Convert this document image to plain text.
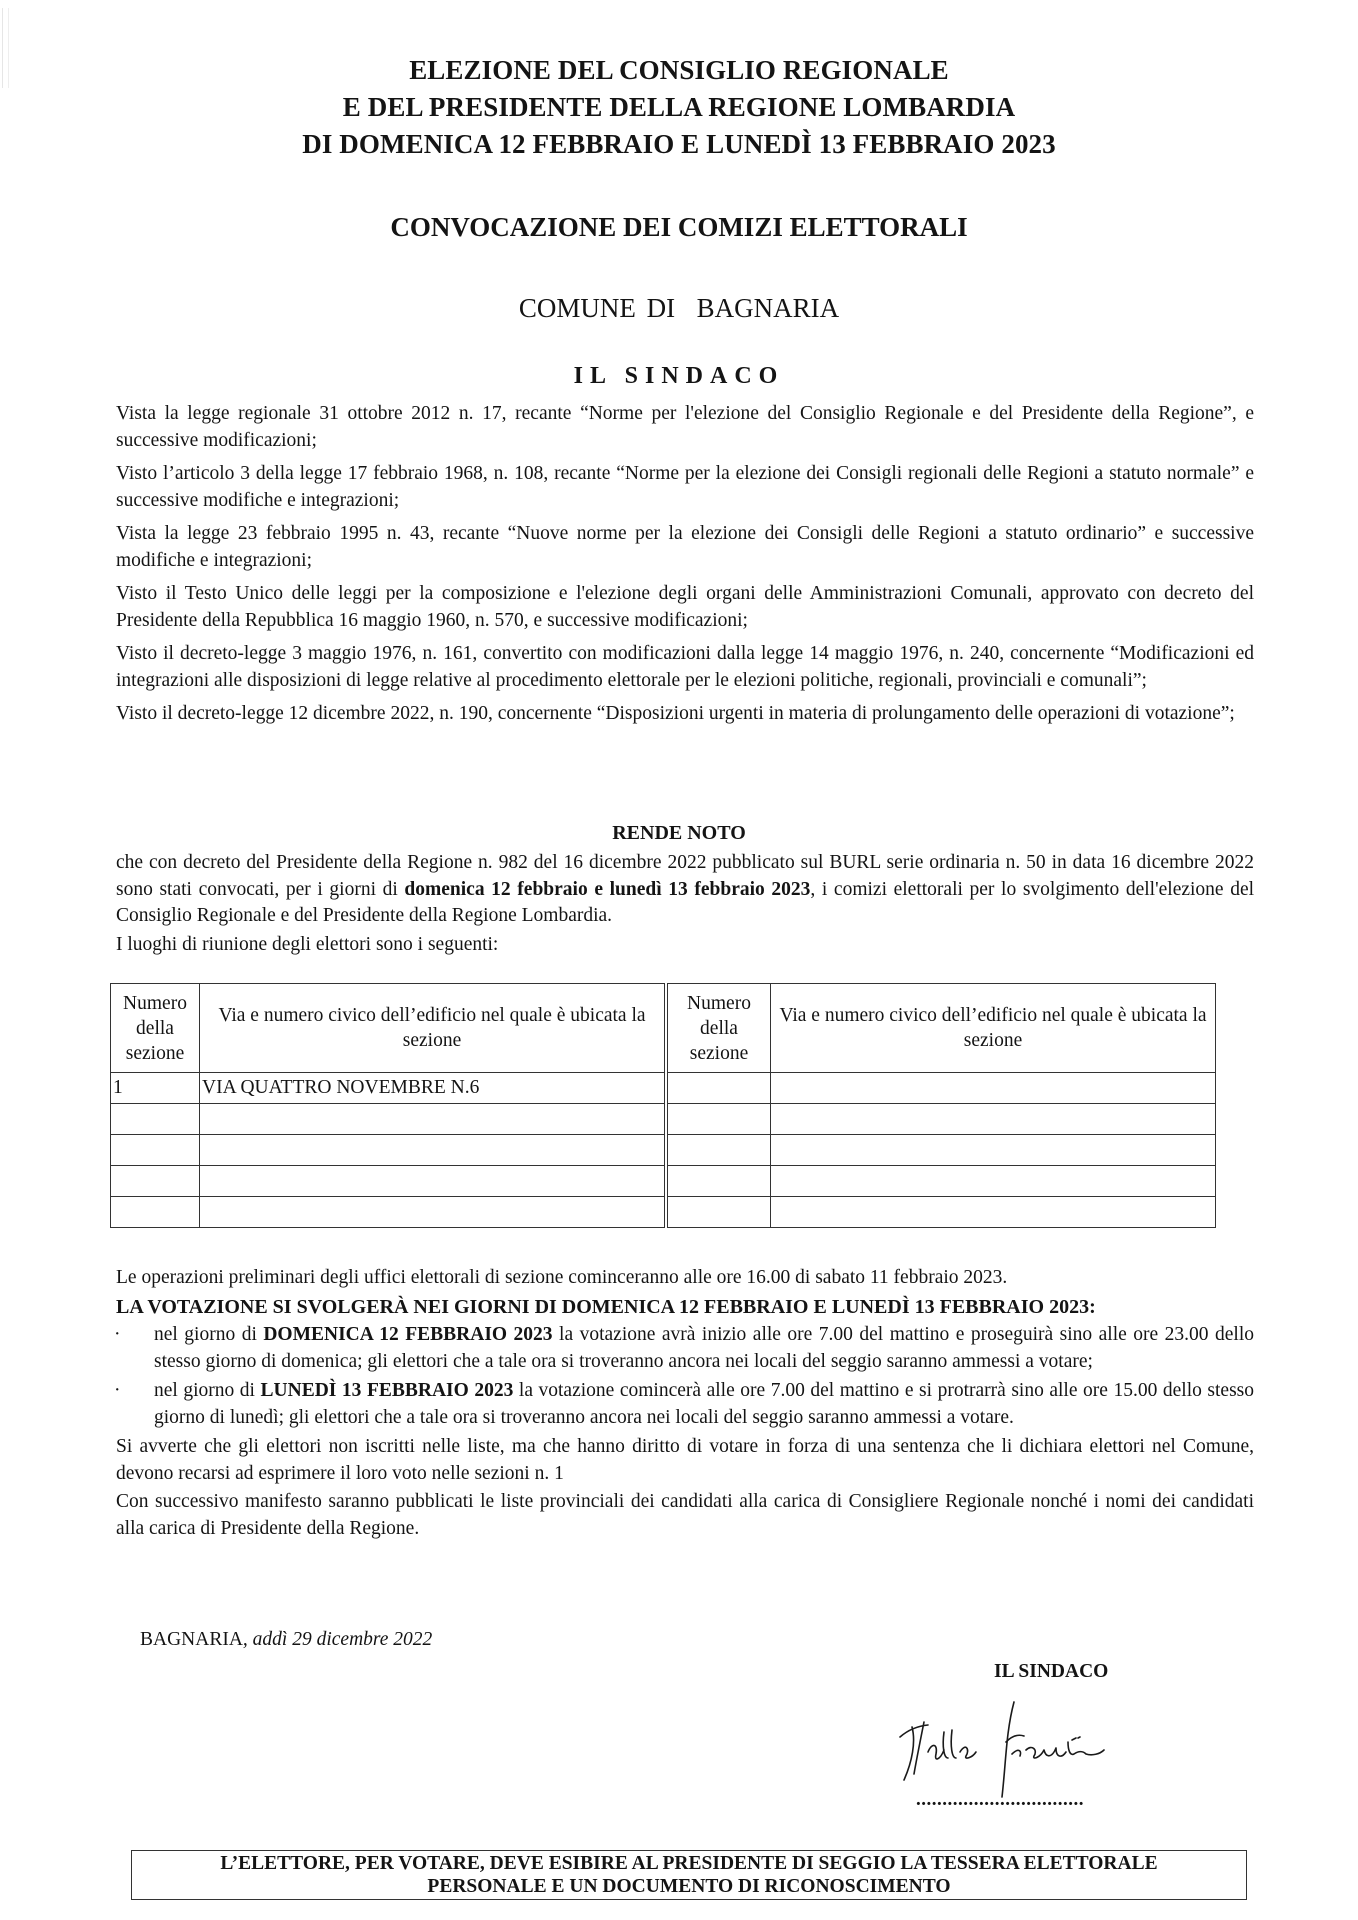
ELEZIONE DEL CONSIGLIO REGIONALE
E DEL PRESIDENTE DELLA REGIONE LOMBARDIA
DI DOMENICA 12 FEBBRAIO E LUNEDÌ 13 FEBBRAIO 2023
CONVOCAZIONE DEI COMIZI ELETTORALI
COMUNE DI  BAGNARIA
IL SINDACO

Vista la legge regionale 31 ottobre 2012 n. 17, recante “Norme per l'elezione del Consiglio Regionale e del Presidente della Regione”, e successive modificazioni;

Visto l’articolo 3 della legge 17 febbraio 1968, n. 108, recante “Norme per la elezione dei Consigli regionali delle Regioni a statuto normale” e successive modifiche e integrazioni;

Vista la legge 23 febbraio 1995 n. 43, recante “Nuove norme per la elezione dei Consigli delle Regioni a statuto ordinario” e successive modifiche e integrazioni;

Visto il Testo Unico delle leggi per la composizione e l'elezione degli organi delle Amministrazioni Comunali, approvato con decreto del Presidente della Repubblica 16 maggio 1960, n. 570, e successive modificazioni;

Visto il decreto-legge 3 maggio 1976, n. 161, convertito con modificazioni dalla legge 14 maggio 1976, n. 240, concernente “Modificazioni ed integrazioni alle disposizioni di legge relative al procedimento elettorale per le elezioni politiche, regionali, provinciali e comunali”;

Visto il decreto-legge 12 dicembre 2022, n. 190, concernente “Disposizioni urgenti in materia di prolungamento delle operazioni di votazione”;

RENDE NOTO

che con decreto del Presidente della Regione n. 982 del 16 dicembre 2022 pubblicato sul BURL serie ordinaria n. 50 in data 16 dicembre 2022 sono stati convocati, per i giorni di domenica 12 febbraio e lunedì 13 febbraio 2023, i comizi elettorali per lo svolgimento dell'elezione del Consiglio Regionale e del Presidente della Regione Lombardia.

I luoghi di riunione degli elettori sono i seguenti:

Numero della sezione	Via e numero civico dell’edificio nel quale è ubicata la sezione	Numero della sezione	Via e numero civico dell’edificio nel quale è ubicata la sezione
1	VIA QUATTRO NOVEMBRE N.6		

Le operazioni preliminari degli uffici elettorali di sezione cominceranno alle ore 16.00 di sabato 11 febbraio 2023.

LA VOTAZIONE SI SVOLGERÀ NEI GIORNI DI DOMENICA 12 FEBBRAIO E LUNEDÌ 13 FEBBRAIO 2023:
· nel giorno di DOMENICA 12 FEBBRAIO 2023 la votazione avrà inizio alle ore 7.00 del mattino e proseguirà sino alle ore 23.00 dello stesso giorno di domenica; gli elettori che a tale ora si troveranno ancora nei locali del seggio saranno ammessi a votare;
· nel giorno di LUNEDÌ 13 FEBBRAIO 2023 la votazione comincerà alle ore 7.00 del mattino e si protrarrà sino alle ore 15.00 dello stesso giorno di lunedì; gli elettori che a tale ora si troveranno ancora nei locali del seggio saranno ammessi a votare.

Si avverte che gli elettori non iscritti nelle liste, ma che hanno diritto di votare in forza di una sentenza che li dichiara elettori nel Comune, devono recarsi ad esprimere il loro voto nelle sezioni n. 1

Con successivo manifesto saranno pubblicati le liste provinciali dei candidati alla carica di Consigliere Regionale nonché i nomi dei candidati alla carica di Presidente della Regione.

BAGNARIA, addì 29 dicembre 2022
IL SINDACO
................................
L’ELETTORE, PER VOTARE, DEVE ESIBIRE AL PRESIDENTE DI SEGGIO LA TESSERA ELETTORALE
PERSONALE E UN DOCUMENTO DI RICONOSCIMENTO
